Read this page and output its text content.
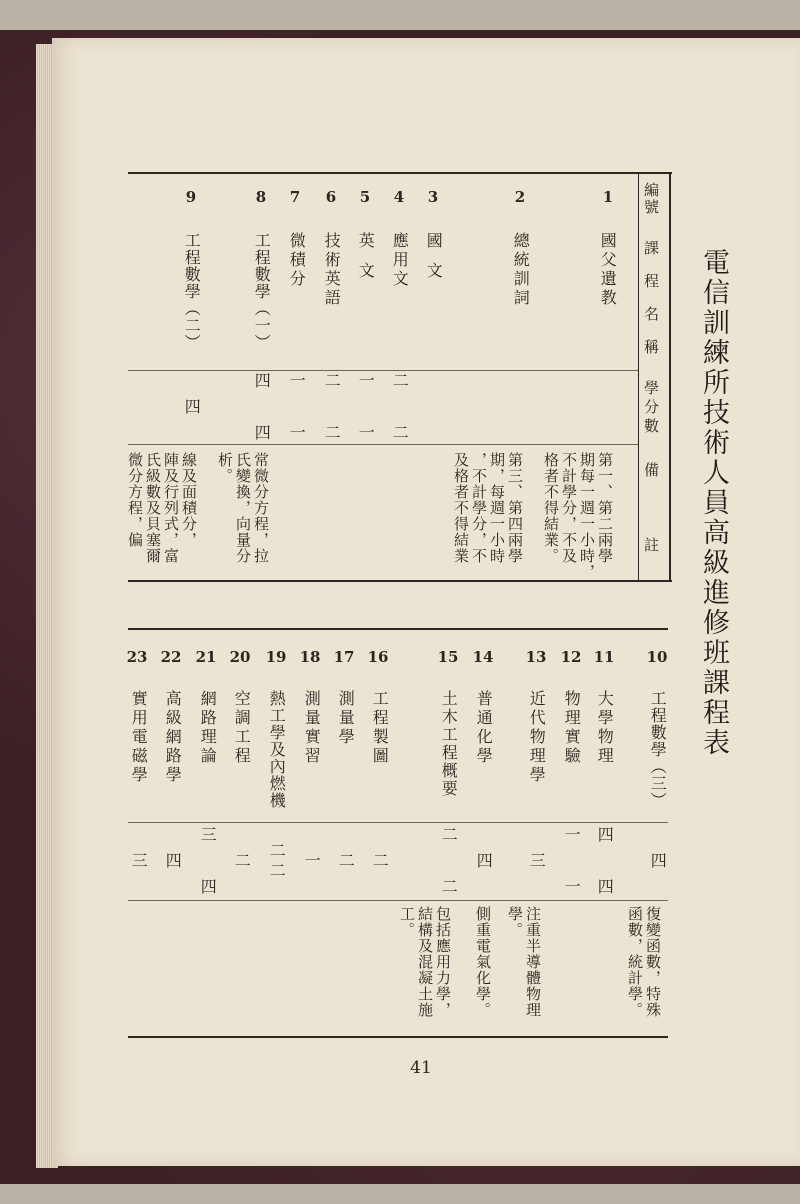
電信訓練所技術人員高級進修班課程表
編號
課程名稱
學分數
備註
1
國父遺教
第一、第二兩學
期每一週一小時，
不計學分，不及
格者不得結業。
2
總統訓詞
3
國文
第三、第四兩學
期，每週一小時
，不計學分，不
及格者不得結業
4
應用文
二
二
5
英文
一
一
6
技術英語
二
二
7
微積分
一
一
8
工程數學（一）
四
四
常微分方程，拉
氏變換，向量分
析。
9
工程數學（二）
四
線及面積分，
陣及行列式，富
氏級數及貝塞爾
微分方程，偏
10
工程數學（三）
四
復變函數，特殊
函數，統計學。
11
大學物理
四
四
12
物理實驗
一
一
13
近代物理學
三
注重半導體物理
學。
14
普通化學
四
側重電氣化學。
15
土木工程概要
二
二
包括應用力學，
結構及混凝土施
工。
16
工程製圖
二
17
測量學
二
18
測量實習
一
19
熱工學及內燃機
二
二
20
空調工程
二
21
網路理論
三
四
22
高級網路學
四
23
實用電磁學
三
41
